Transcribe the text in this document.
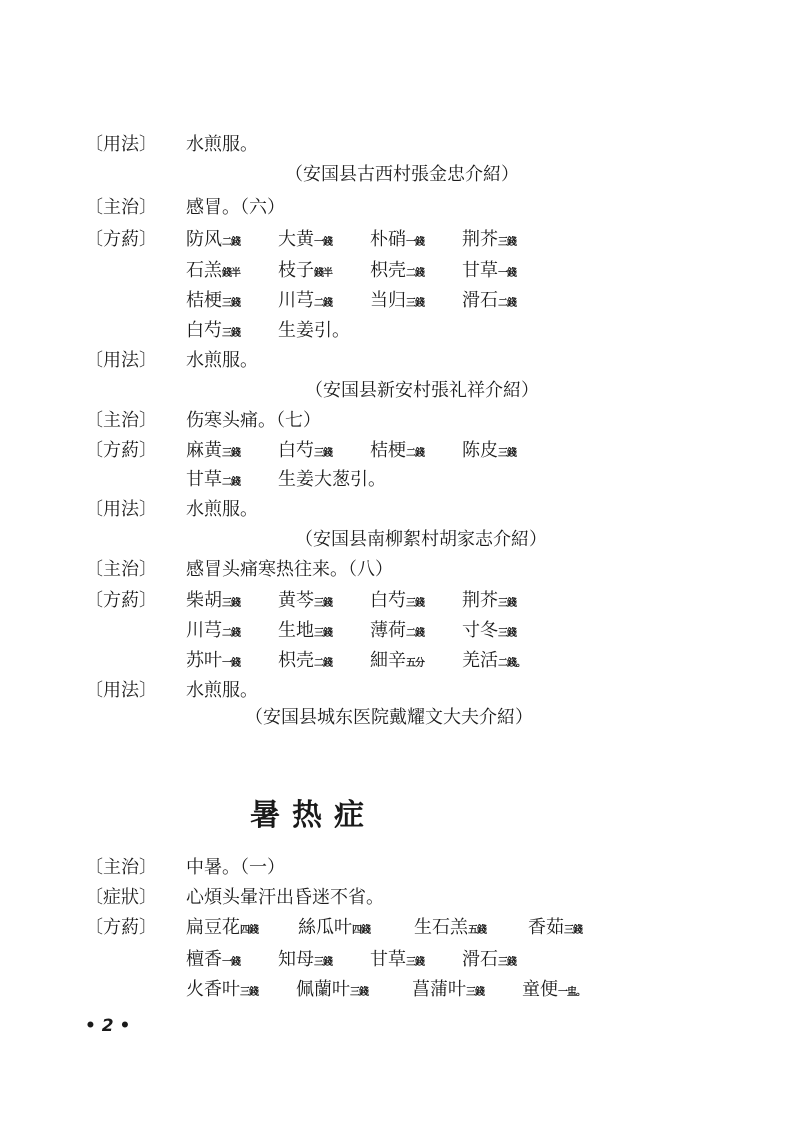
〔用法〕 水煎服。
（安国县古西村張金忠介紹）
〔主治〕 感冒。（六）
〔方葯〕	防风二錢 大黄一錢 朴硝一錢 荆芥三錢
石羔錢半 枝子錢半 枳壳二錢 甘草一錢
桔梗三錢 川芎二錢 当归三錢 滑石二錢
白芍三錢 生姜引。
〔用法〕 水煎服。
（安国县新安村張礼祥介紹）
〔主治〕 伤寒头痛。（七）
〔方葯〕	麻黄三錢 白芍三錢 桔梗二錢 陈皮三錢
甘草二錢 生姜大葱引。
〔用法〕 水煎服。
（安国县南柳絮村胡家志介紹）
〔主治〕 感冒头痛寒热往来。（八）
〔方葯〕	柴胡三錢 黄芩三錢 白芍三錢 荆芥三錢
川芎二錢 生地三錢 薄荷二錢 寸冬三錢
苏叶一錢 枳壳二錢 細辛五分 羌活二錢。
〔用法〕 水煎服。
（安国县城东医院戴耀文大夫介紹）
暑热症
〔主治〕 中暑。（一）
〔症狀〕 心煩头暈汗出昏迷不省。
〔方葯〕	扁豆花四錢 絲瓜叶四錢 生石羔五錢 香茹三錢
檀香一錢 知母三錢 甘草三錢 滑石三錢
火香叶三錢 佩蘭叶三錢 菖蒲叶三錢 童便一盅。
• 2 •
